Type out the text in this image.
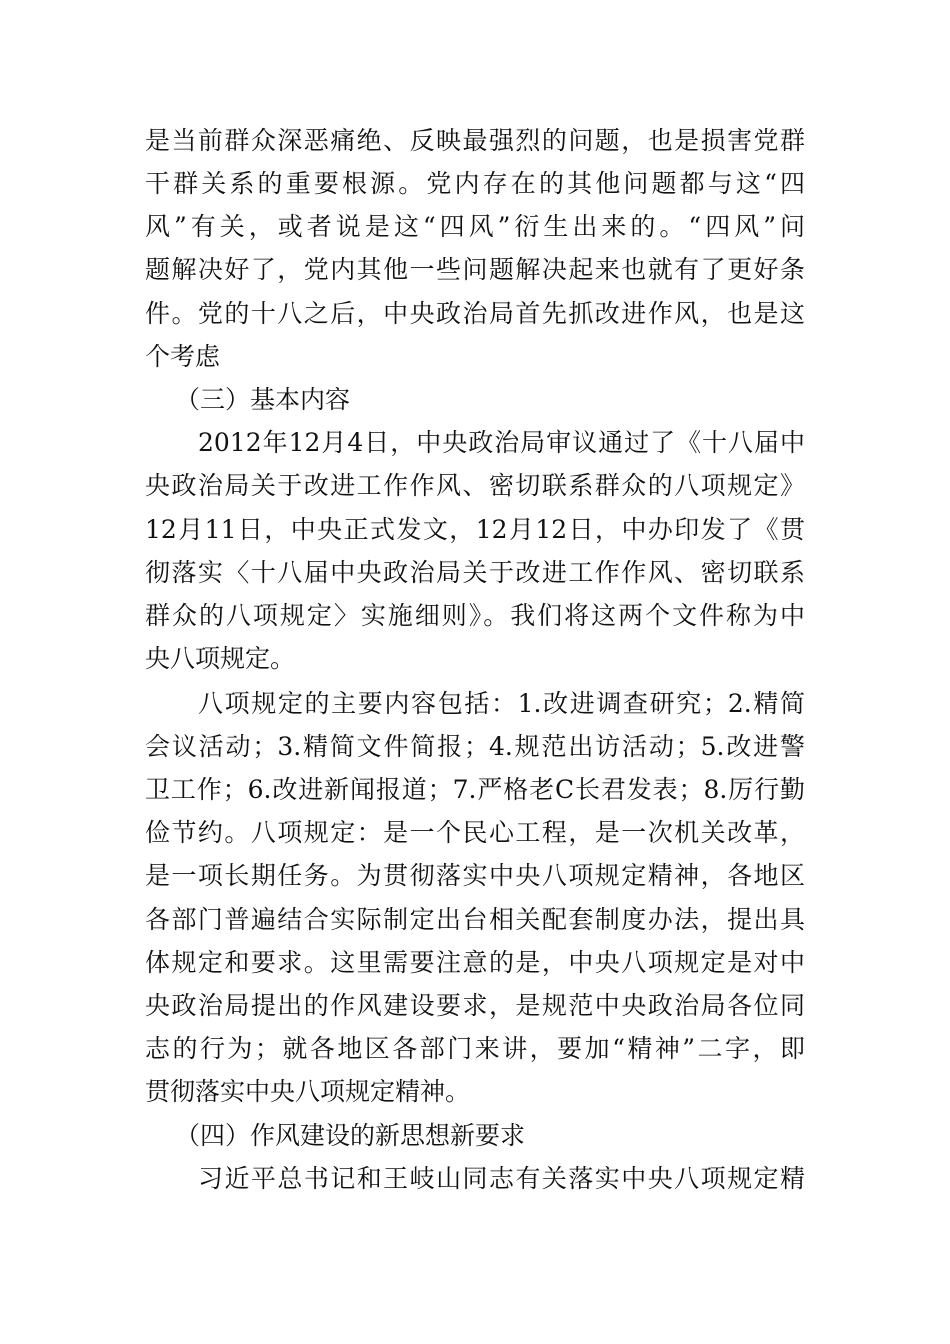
是当前群众深恶痛绝、反映最强烈的问题，也是损害党群
干群关系的重要根源。党内存在的其他问题都与这“四
风”有关，或者说是这“四风”衍生出来的。“四风”问
题解决好了，党内其他一些问题解决起来也就有了更好条
件。党的十八之后，中央政治局首先抓改进作风，也是这
个考虑
（三）基本内容
2012年12月4日，中央政治局审议通过了《十八届中
央政治局关于改进工作作风、密切联系群众的八项规定》
12月11日，中央正式发文，12月12日，中办印发了《贯
彻落实〈十八届中央政治局关于改进工作作风、密切联系
群众的八项规定〉实施细则》。我们将这两个文件称为中
央八项规定。
八项规定的主要内容包括：1.改进调查研究；2.精简
会议活动；3.精简文件简报；4.规范出访活动；5.改进警
卫工作；6.改进新闻报道；7.严格老C长君发表；8.厉行勤
俭节约。八项规定：是一个民心工程，是一次机关改革，
是一项长期任务。为贯彻落实中央八项规定精神，各地区
各部门普遍结合实际制定出台相关配套制度办法，提出具
体规定和要求。这里需要注意的是，中央八项规定是对中
央政治局提出的作风建设要求，是规范中央政治局各位同
志的行为；就各地区各部门来讲，要加“精神”二字，即
贯彻落实中央八项规定精神。
（四）作风建设的新思想新要求
习近平总书记和王岐山同志有关落实中央八项规定精
